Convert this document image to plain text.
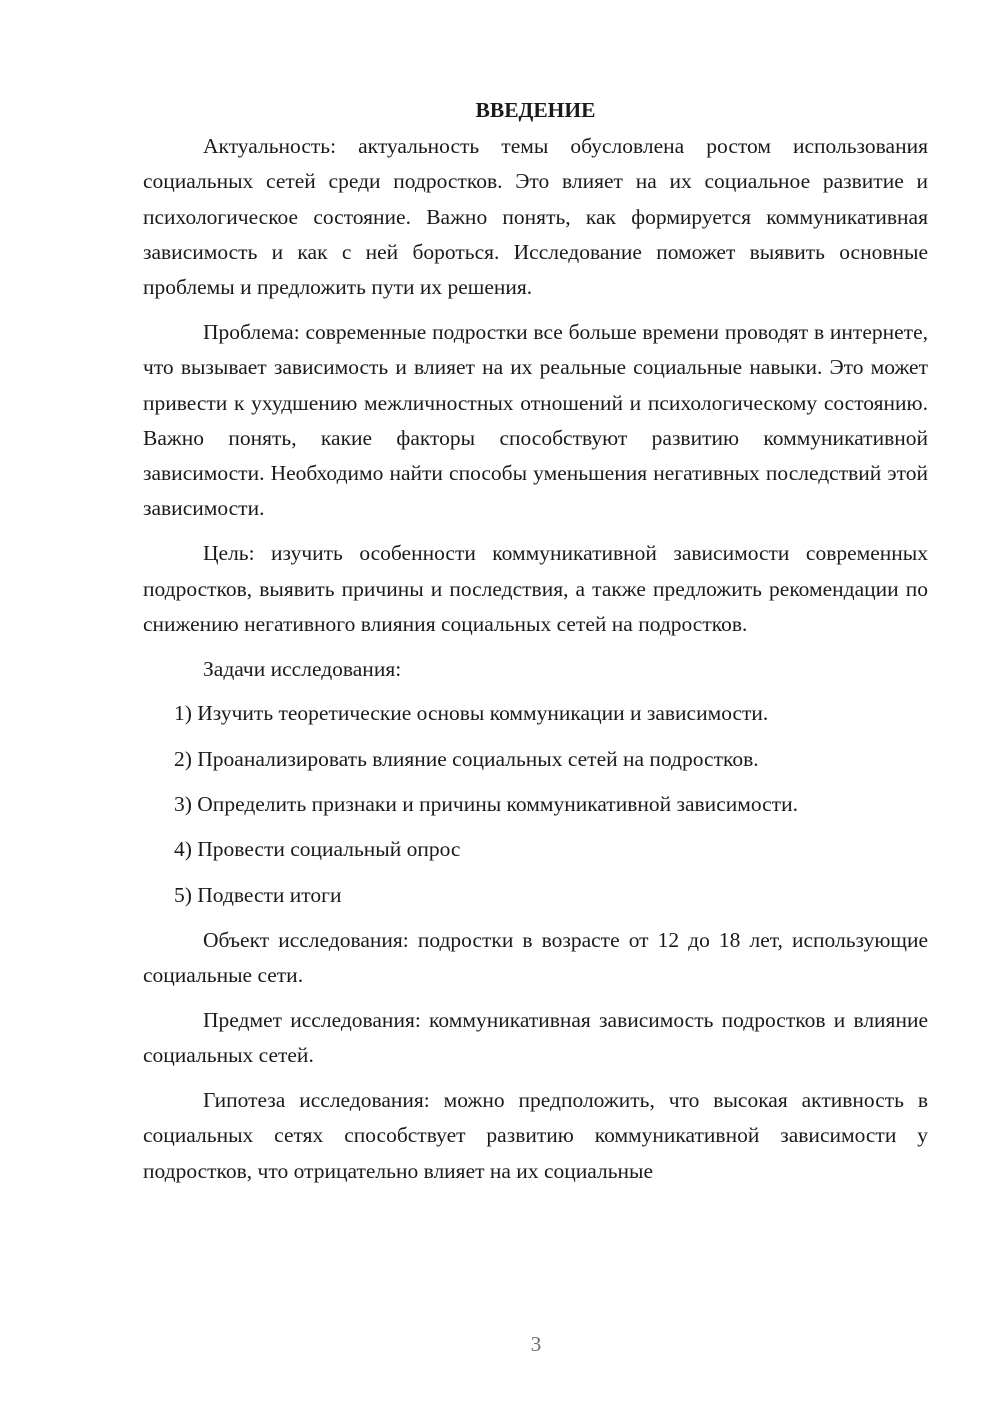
ВВЕДЕНИЕ

Актуальность: актуальность темы обусловлена ростом использования социальных сетей среди подростков. Это влияет на их социальное развитие и психологическое состояние. Важно понять, как формируется коммуникативная зависимость и как с ней бороться. Исследование поможет выявить основные проблемы и предложить пути их решения.

Проблема: современные подростки все больше времени проводят в интернете, что вызывает зависимость и влияет на их реальные социальные навыки. Это может привести к ухудшению межличностных отношений и психологическому состоянию. Важно понять, какие факторы способствуют развитию коммуникативной зависимости. Необходимо найти способы уменьшения негативных последствий этой зависимости.

Цель: изучить особенности коммуникативной зависимости современных подростков, выявить причины и последствия, а также предложить рекомендации по снижению негативного влияния социальных сетей на подростков.

Задачи исследования:

1) Изучить теоретические основы коммуникации и зависимости.
2) Проанализировать влияние социальных сетей на подростков.
3) Определить признаки и причины коммуникативной зависимости.
4) Провести социальный опрос
5) Подвести итоги

Объект исследования: подростки в возрасте от 12 до 18 лет, использующие социальные сети.

Предмет исследования: коммуникативная зависимость подростков и влияние социальных сетей.

Гипотеза исследования: можно предположить, что высокая активность в социальных сетях способствует развитию коммуникативной зависимости у подростков, что отрицательно влияет на их социальные

3
